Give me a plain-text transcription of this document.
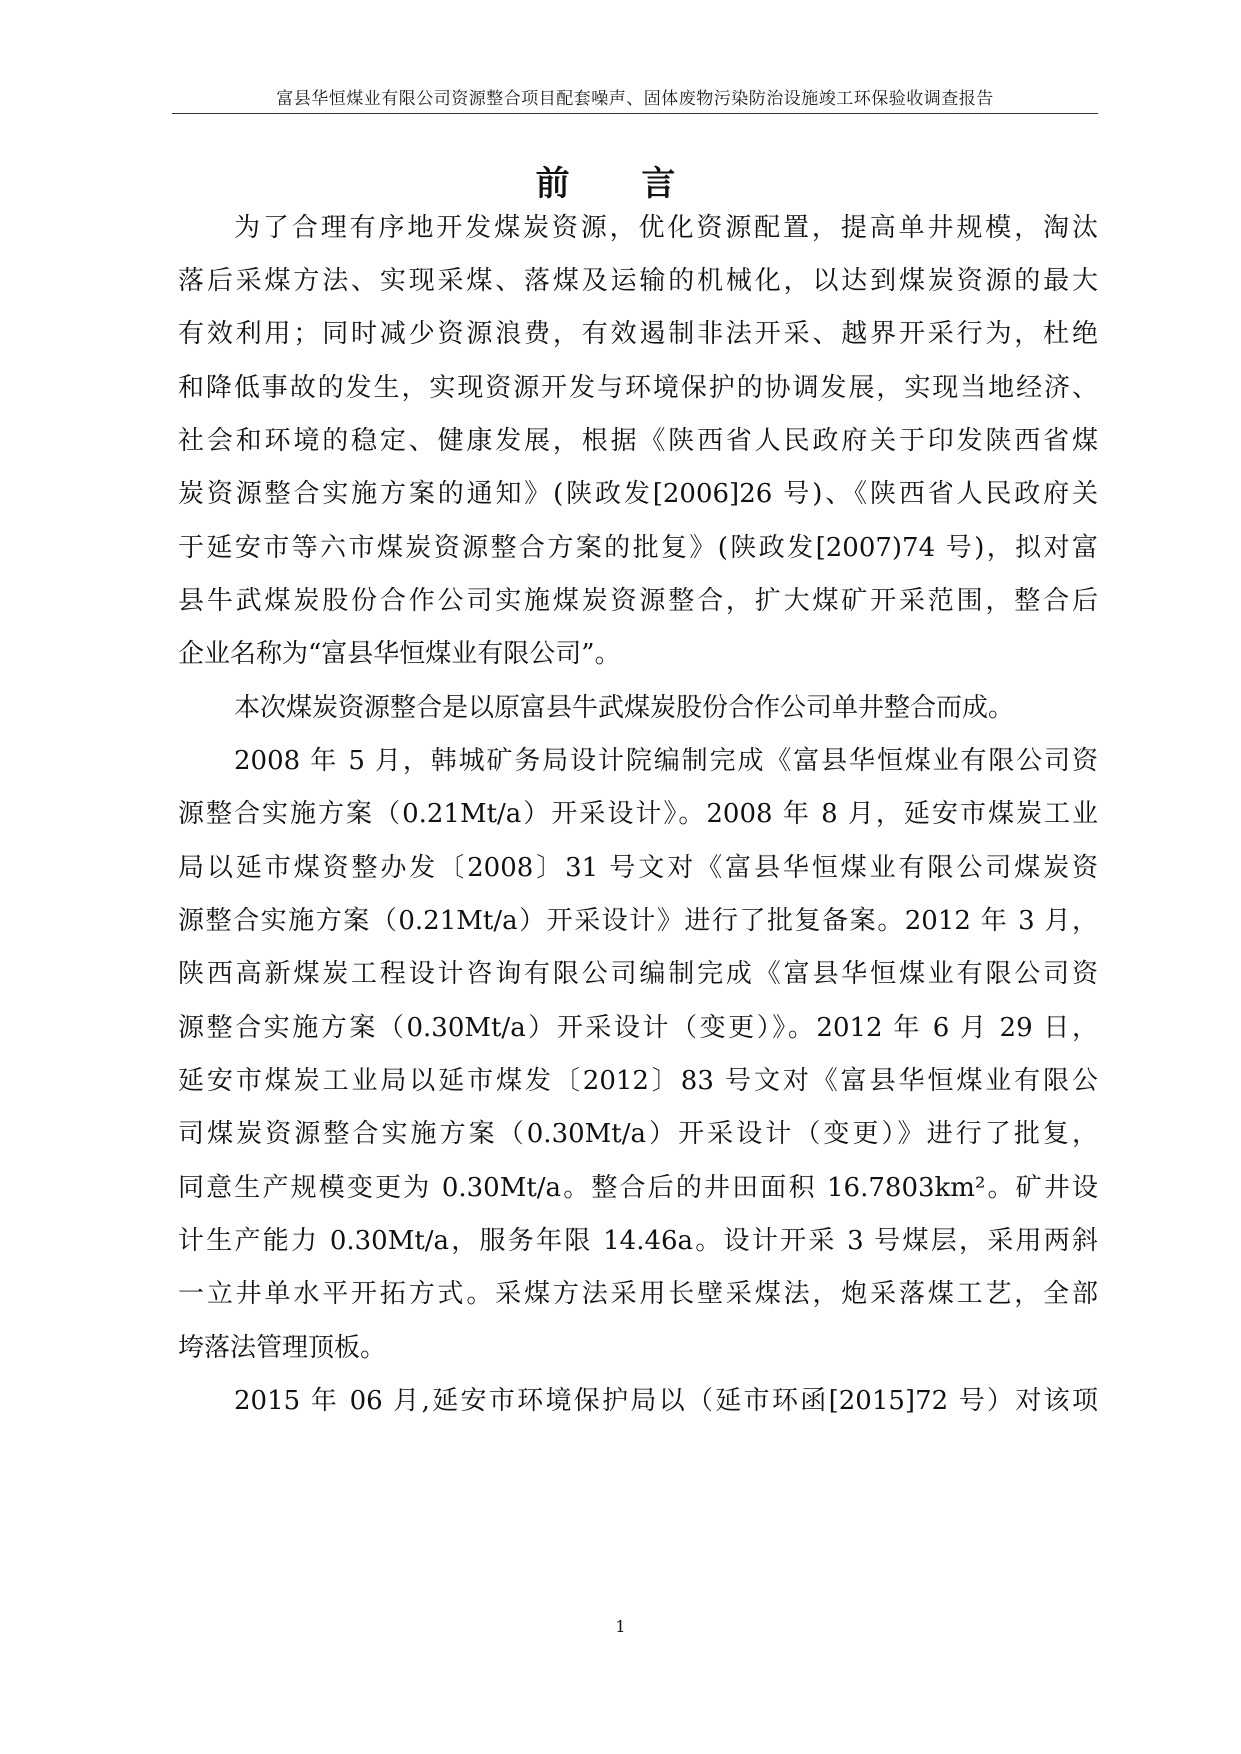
富县华恒煤业有限公司资源整合项目配套噪声、固体废物污染防治设施竣工环保验收调查报告
前 言
为了合理有序地开发煤炭资源，优化资源配置，提高单井规模，淘汰
落后采煤方法、实现采煤、落煤及运输的机械化，以达到煤炭资源的最大
有效利用；同时减少资源浪费，有效遏制非法开采、越界开采行为，杜绝
和降低事故的发生，实现资源开发与环境保护的协调发展，实现当地经济、
社会和环境的稳定、健康发展，根据《陕西省人民政府关于印发陕西省煤
炭资源整合实施方案的通知》(陕政发[2006]26 号)、《陕西省人民政府关
于延安市等六市煤炭资源整合方案的批复》(陕政发[2007)74 号)，拟对富
县牛武煤炭股份合作公司实施煤炭资源整合，扩大煤矿开采范围，整合后
企业名称为“富县华恒煤业有限公司”。
本次煤炭资源整合是以原富县牛武煤炭股份合作公司单井整合而成。
2008 年 5 月，韩城矿务局设计院编制完成《富县华恒煤业有限公司资
源整合实施方案（0.21Mt/a）开采设计》。2008 年 8 月，延安市煤炭工业
局以延市煤资整办发〔2008〕31 号文对《富县华恒煤业有限公司煤炭资
源整合实施方案（0.21Mt/a）开采设计》进行了批复备案。2012 年 3 月，
陕西高新煤炭工程设计咨询有限公司编制完成《富县华恒煤业有限公司资
源整合实施方案（0.30Mt/a）开采设计（变更）》。2012 年 6 月 29 日，
延安市煤炭工业局以延市煤发〔2012〕83 号文对《富县华恒煤业有限公
司煤炭资源整合实施方案（0.30Mt/a）开采设计（变更）》进行了批复，
同意生产规模变更为 0.30Mt/a。整合后的井田面积 16.7803km²。矿井设
计生产能力 0.30Mt/a，服务年限 14.46a。设计开采 3 号煤层，采用两斜
一立井单水平开拓方式。采煤方法采用长壁采煤法，炮采落煤工艺，全部
垮落法管理顶板。
2015 年 06 月,延安市环境保护局以（延市环函[2015]72 号）对该项
1
